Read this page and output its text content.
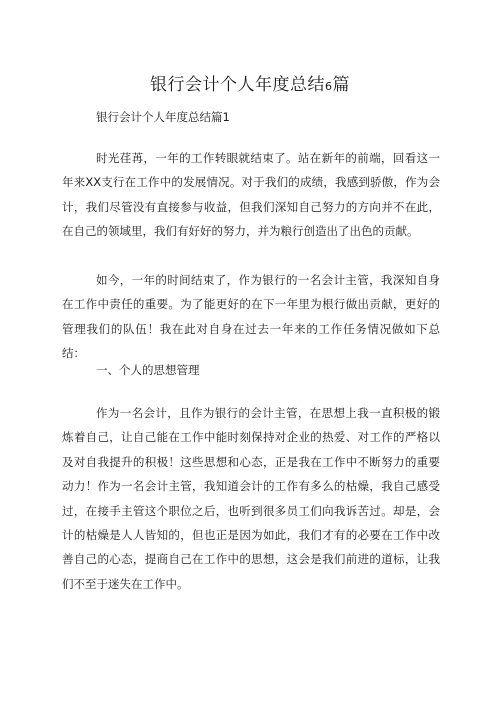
银行会计个人年度总结6篇
银行会计个人年度总结篇1

时光荏苒，一年的工作转眼就结束了。站在新年的前端，回看这一年来XX支行在工作中的发展情况。对于我们的成绩，我感到骄傲，作为会计，我们尽管没有直接参与收益，但我们深知自己努力的方向并不在此，在自己的领域里，我们有好好的努力，并为粮行创造出了出色的贡献。

如今，一年的时间结束了，作为银行的一名会计主管，我深知自身在工作中责任的重要。为了能更好的在下一年里为根行做出贡献，更好的管理我们的队伍！我在此对自身在过去一年来的工作任务情况做如下总结：

一、个人的思想管理

作为一名会计，且作为银行的会计主管，在思想上我一直积极的锻炼着自己，让自己能在工作中能时刻保持对企业的热爱、对工作的严格以及对自我提升的积极！这些思想和心态，正是我在工作中不断努力的重要动力！作为一名会计主管，我知道会计的工作有多么的枯燥，我自己感受过，在接手主管这个职位之后，也听到很多员工们向我诉苦过。却是，会计的枯燥是人人皆知的，但也正是因为如此，我们才有的必要在工作中改善自己的心态，提商自己在工作中的思想，这会是我们前进的道标，让我们不至于迷失在工作中。
